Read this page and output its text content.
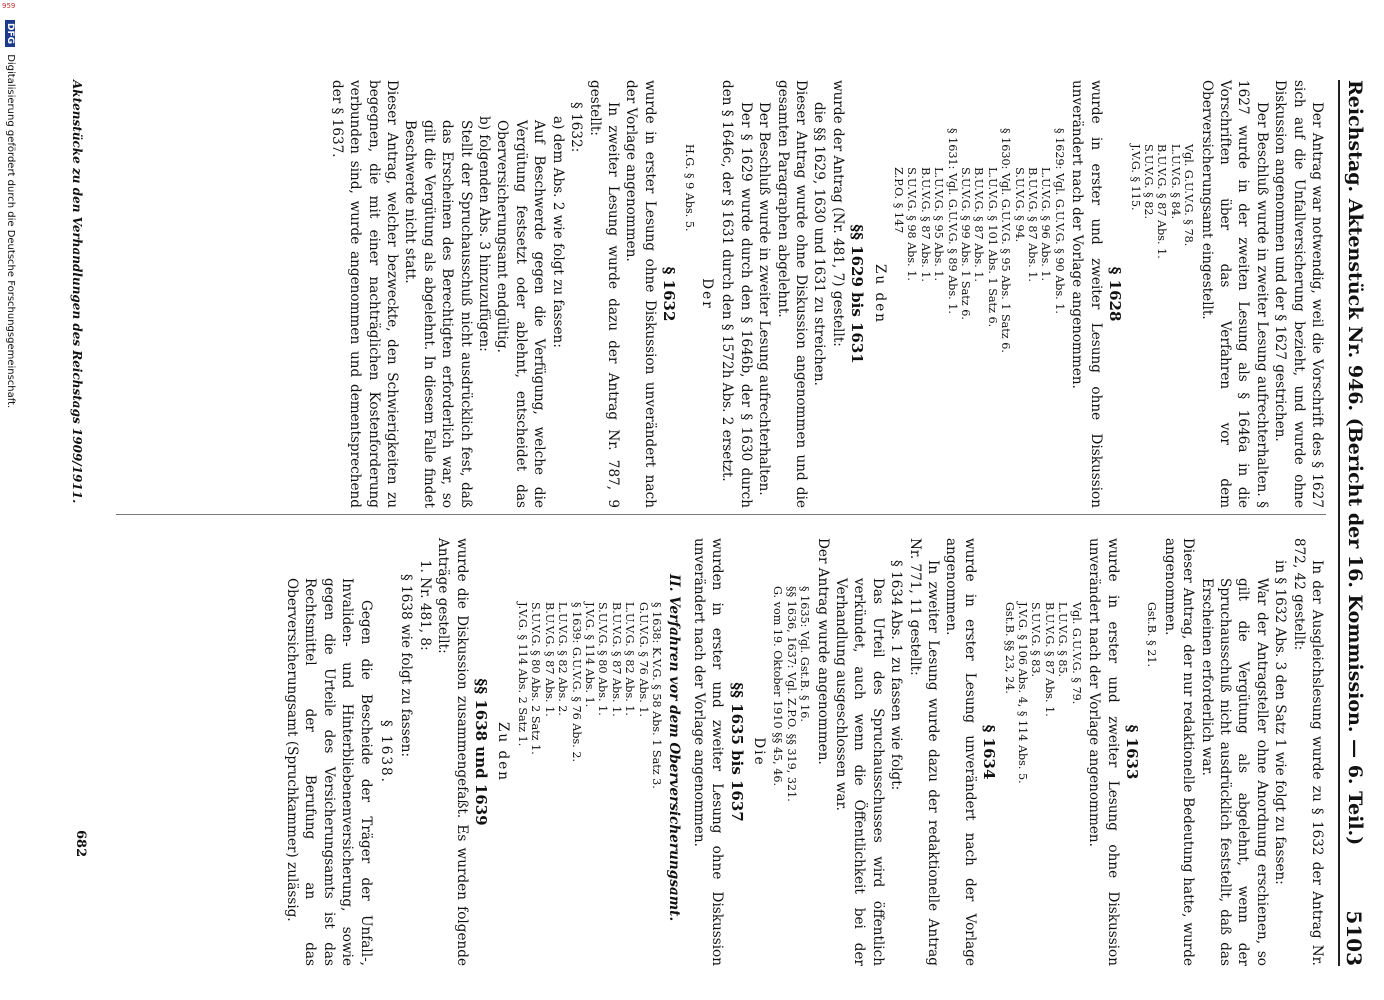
959
Reichstag. Aktenstück Nr. 946. (Bericht der 16. Kommission. — 6. Teil.)
5103

Der Antrag war notwendig, weil die Vorschrift des § 1627 sich auf die Unfallversicherung bezieht, und wurde ohne Diskussion angenommen und der § 1627 gestrichen.

Der Beschluß wurde in zweiter Lesung aufrechterhalten. § 1627 wurde in der zweiten Lesung als § 1646a in die Vorschriften über das Verfahren vor dem Oberversicherungsamt eingestellt.

Vgl. G.U.V.G. § 78.
L.U.V.G. § 84.
B.U.V.G. § 87 Abs. 1.
S.U.V.G. § 82.
J.V.G. § 115.
§ 1628

wurde in erster und zweiter Lesung ohne Diskussion unverändert nach der Vorlage angenommen.

§ 1629: Vgl. G.U.V.G. § 90 Abs. 1.
L.U.V.G. § 96 Abs. 1.
B.U.V.G. § 87 Abs. 1.
S.U.V.G. § 94.
§ 1630: Vgl. G.U.V.G. § 95 Abs. 1 Satz 6.
L.U.V.G. § 101 Abs. 1 Satz 6.
B.U.V.G. § 87 Abs. 1.
S.U.V.G. § 99 Abs. 1 Satz 6.
§ 1631: Vgl. G.U.V.G. § 89 Abs. 1.
L.U.V.G. § 95 Abs. 1.
B.U.V.G. § 87 Abs. 1.
S.U.V.G. § 98 Abs. 1.
Z.P.O. § 147
Zu den
§§ 1629 bis 1631

wurde der Antrag (Nr. 481, 7) gestellt:

die §§ 1629, 1630 und 1631 zu streichen.

Dieser Antrag wurde ohne Diskussion angenommen und die gesamten Paragraphen abgelehnt.

Der Beschluß wurde in zweiter Lesung aufrechterhalten.

Der § 1629 wurde durch den § 1646b, der § 1630 durch den § 1646c, der § 1631 durch den § 1572h Abs. 2 ersetzt.

Der
H.G. § 9 Abs. 5.
§ 1632

wurde in erster Lesung ohne Diskussion unverändert nach der Vorlage angenommen.

In zweiter Lesung wurde dazu der Antrag Nr. 787, 9 gestellt:

§ 1632:

a) dem Abs. 2 wie folgt zu fassen:

Auf Beschwerde gegen die Verfügung, welche die Vergütung festsetzt oder ablehnt, entscheidet das Oberversicherungsamt endgültig.

b) folgenden Abs. 3 hinzuzufügen:

Stellt der Spruchausschuß nicht ausdrücklich fest, daß das Erscheinen des Berechtigten erforderlich war, so gilt die Vergütung als abgelehnt. In diesem Falle findet Beschwerde nicht statt.

Dieser Antrag, welcher bezweckte, den Schwierigkeiten zu begegnen, die mit einer nachträglichen Kostenforderung verbunden sind, wurde angenommen und dementsprechend der § 1637.

In der Ausgleichslesung wurde zu § 1632 der Antrag Nr. 872, 42 gestellt:

in § 1632 Abs. 3 den Satz 1 wie folgt zu fassen:

War der Antragsteller ohne Anordnung erschienen, so gilt die Vergütung als abgelehnt, wenn der Spruchausschuß nicht ausdrücklich feststellt, daß das Erscheinen erforderlich war.

Dieser Antrag, der nur redaktionelle Bedeutung hatte, wurde angenommen.

Gst.B. § 21.
§ 1633

wurde in erster und zweiter Lesung ohne Diskussion unverändert nach der Vorlage angenommen.

Vgl. G.U.V.G. § 79.
L.U.V.G. § 85.
B.U.V.G. § 87 Abs. 1.
S.U.V.G. § 83.
J.V.G. § 106 Abs. 4, § 114 Abs. 5.
Gst.B. §§ 23, 24.
§ 1634

wurde in erster Lesung unverändert nach der Vorlage angenommen.

In zweiter Lesung wurde dazu der redaktionelle Antrag Nr. 771, 11 gestellt:

§ 1634 Abs. 1 zu fassen wie folgt:

Das Urteil des Spruchausschusses wird öffentlich verkündet, auch wenn die Öffentlichkeit bei der Verhandlung ausgeschlossen war.

Der Antrag wurde angenommen.

§ 1635: Vgl. Gst.B. § 16.
§§ 1636, 1637: Vgl. Z.P.O. §§ 319, 321.
G. vom 19. Oktober 1910 §§ 45, 46.
Die
§§ 1635 bis 1637

wurden in erster und zweiter Lesung ohne Diskussion unverändert nach der Vorlage angenommen.

II. Verfahren vor dem Oberversicherungsamt.
§ 1638: K.V.G. § 58 Abs. 1 Satz 3.
G.U.V.G. § 76 Abs. 1.
L.U.V.G. § 82 Abs. 1.
B.U.V.G. § 87 Abs. 1.
S.U.V.G. § 80 Abs. 1.
J.V.G. § 114 Abs. 1.
§ 1639: G.U.V.G. § 76 Abs. 2.
L.U.V.G. § 82 Abs. 2.
B.U.V.G. § 87 Abs. 1.
S.U.V.G. § 80 Abs. 2 Satz 1.
J.V.G. § 114 Abs. 2 Satz 1.
Zu den
§§ 1638 und 1639

wurde die Diskussion zusammengefaßt. Es wurden folgende Anträge gestellt:

1. Nr. 481, 8:

§ 1638 wie folgt zu fassen:

§ 1638.

Gegen die Bescheide der Träger der Unfall-, Invaliden- und Hinterbliebenenversicherung, sowie gegen die Urteile des Versicherungsamts ist das Rechtsmittel der Berufung an das Oberversicherungsamt (Spruchkammer) zulässig.

Aktenstücke zu den Verhandlungen des Reichstags 1909/1911.
682
DFG Digitalisierung gefördert durch die Deutsche Forschungsgemeinschaft.
